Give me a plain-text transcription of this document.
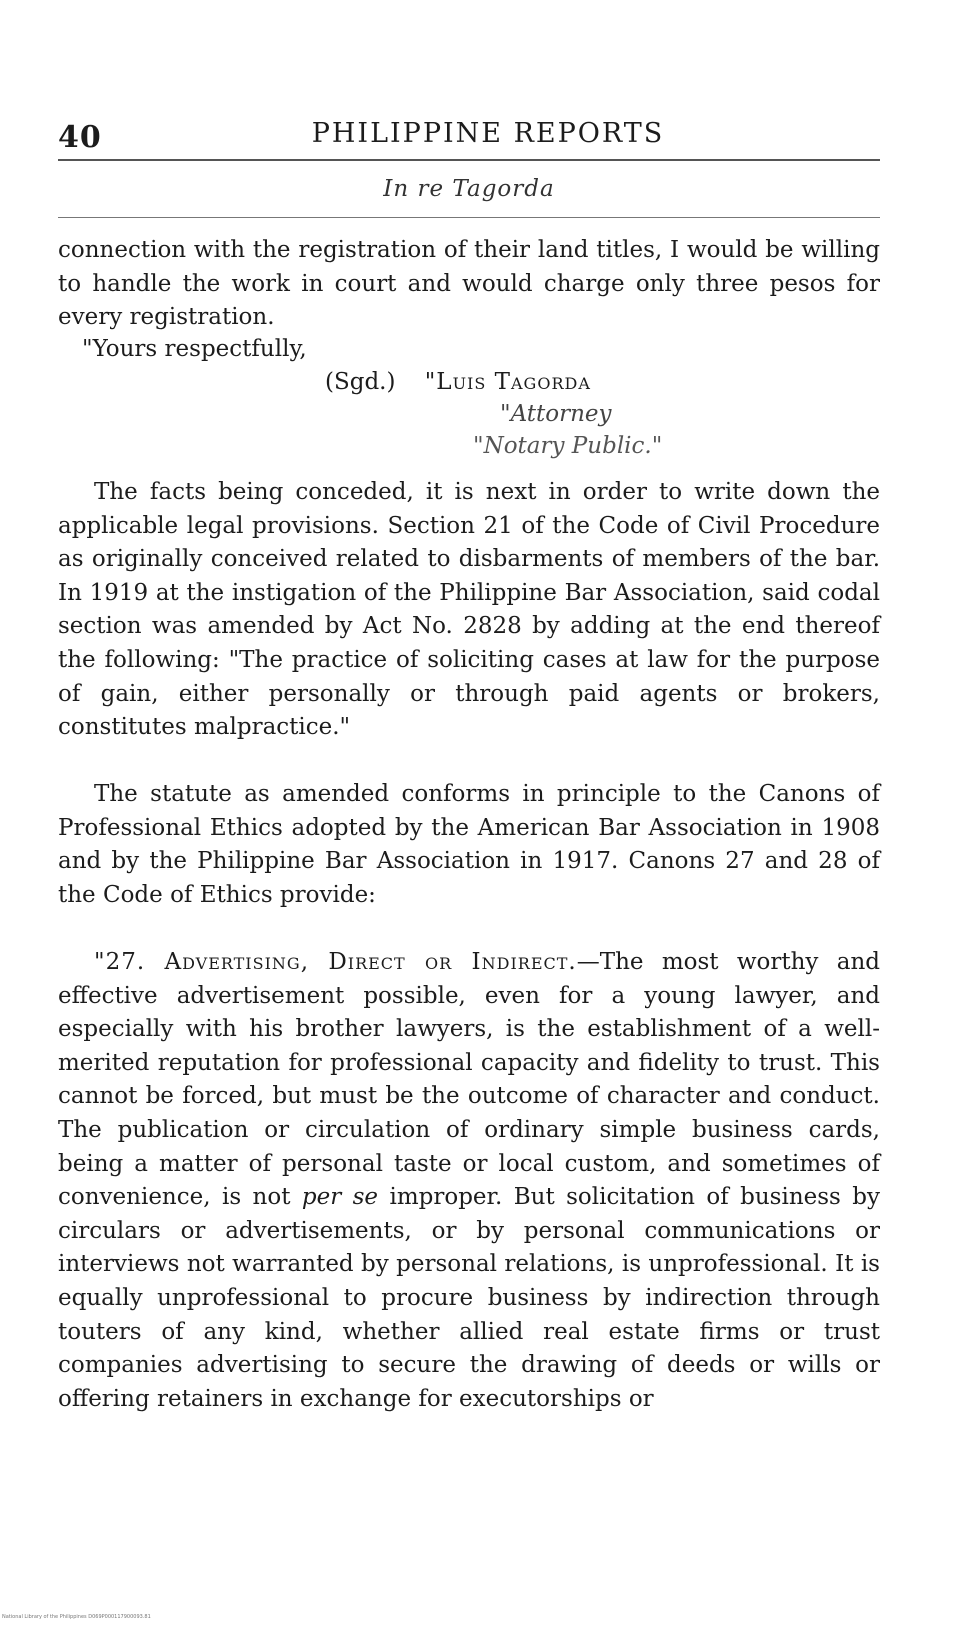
40	PHILIPPINE REPORTS
In re Tagorda
connection with the registration of their land titles, I would be willing to handle the work in court and would charge only three pesos for every registration.
"Yours respectfully,
(Sgd.) "Luis Tagorda
"Attorney
"Notary Public."
The facts being conceded, it is next in order to write down the applicable legal provisions. Section 21 of the Code of Civil Procedure as originally conceived related to disbarments of members of the bar. In 1919 at the instigation of the Philippine Bar Association, said codal section was amended by Act No. 2828 by adding at the end thereof the following: "The practice of soliciting cases at law for the purpose of gain, either personally or through paid agents or brokers, constitutes malpractice."
The statute as amended conforms in principle to the Canons of Professional Ethics adopted by the American Bar Association in 1908 and by the Philippine Bar Association in 1917. Canons 27 and 28 of the Code of Ethics provide:
"27. Advertising, Direct or Indirect.—The most worthy and effective advertisement possible, even for a young lawyer, and especially with his brother lawyers, is the establishment of a well-merited reputation for professional capacity and fidelity to trust. This cannot be forced, but must be the outcome of character and conduct. The publication or circulation of ordinary simple business cards, being a matter of personal taste or local custom, and sometimes of convenience, is not per se improper. But solicitation of business by circulars or advertisements, or by personal communications or interviews not warranted by personal relations, is unprofessional. It is equally unprofessional to procure business by indirection through touters of any kind, whether allied real estate firms or trust companies advertising to secure the drawing of deeds or wills or offering retainers in exchange for executorships or
National Library of the Philippines D069P000117900093.81
